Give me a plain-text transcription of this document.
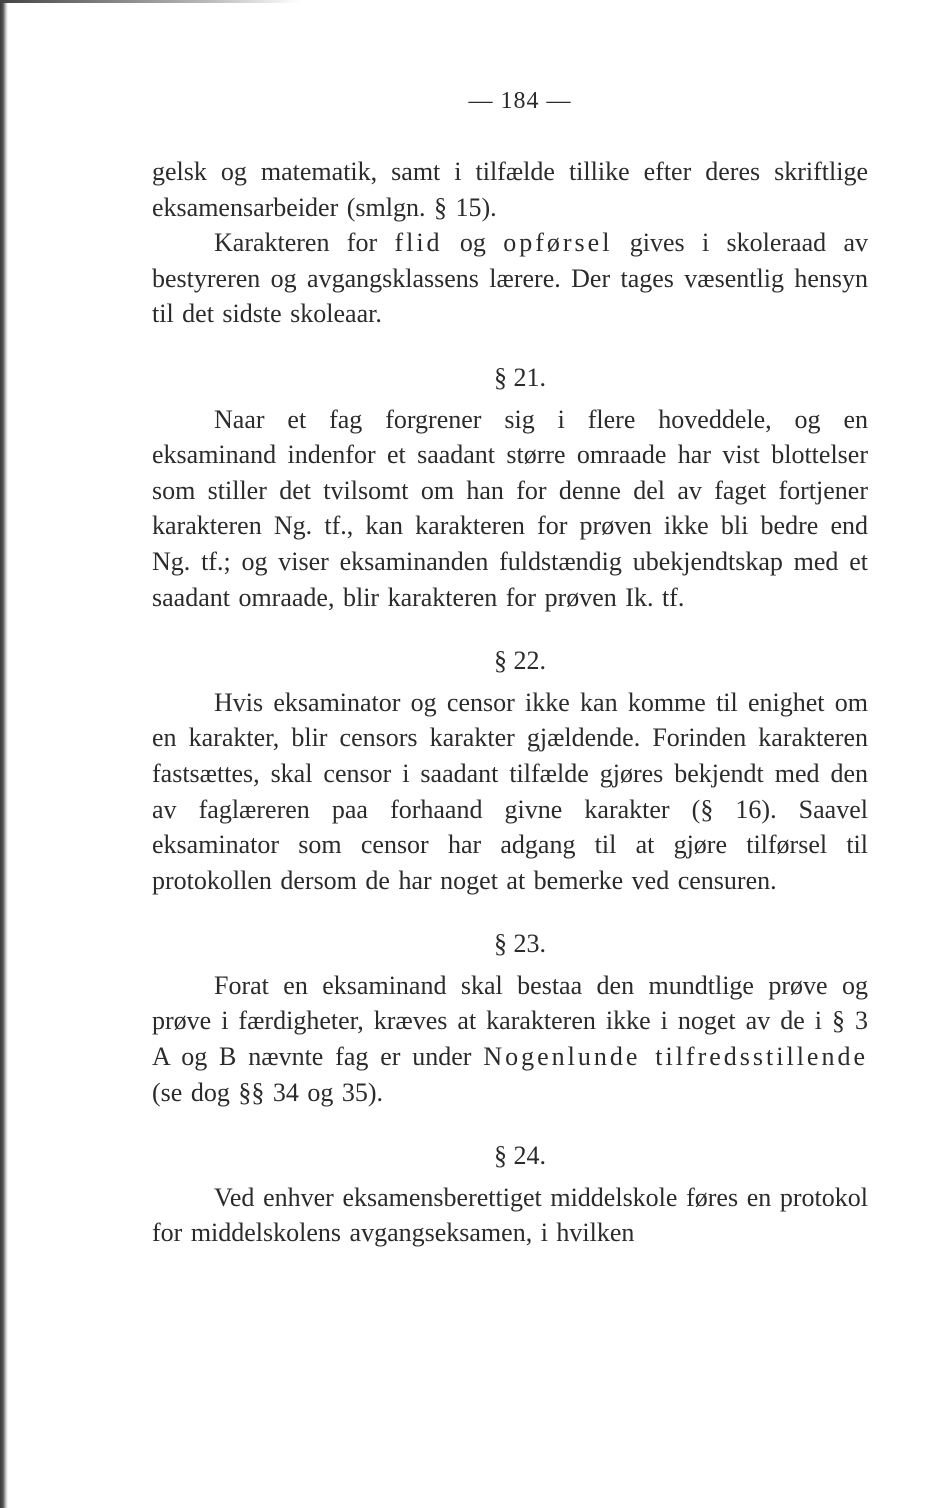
— 184 —

gelsk og matematik, samt i tilfælde tillike efter deres skriftlige eksamensarbeider (smlgn. § 15).

Karakteren for flid og opførsel gives i skoleraad av bestyreren og avgangsklassens lærere. Der tages væsentlig hensyn til det sidste skoleaar.

§ 21.

Naar et fag forgrener sig i flere hoveddele, og en eksaminand indenfor et saadant større omraade har vist blottelser som stiller det tvilsomt om han for denne del av faget fortjener karakteren Ng. tf., kan karakteren for prøven ikke bli bedre end Ng. tf.; og viser eksaminanden fuldstændig ubekjendtskap med et saadant omraade, blir karakteren for prøven Ik. tf.

§ 22.

Hvis eksaminator og censor ikke kan komme til enighet om en karakter, blir censors karakter gjældende. Forinden karakteren fastsættes, skal censor i saadant tilfælde gjøres bekjendt med den av faglæreren paa forhaand givne karakter (§ 16). Saavel eksaminator som censor har adgang til at gjøre tilførsel til protokollen dersom de har noget at bemerke ved censuren.

§ 23.

Forat en eksaminand skal bestaa den mundtlige prøve og prøve i færdigheter, kræves at karakteren ikke i noget av de i § 3 A og B nævnte fag er under Nogenlunde tilfredsstillende (se dog §§ 34 og 35).

§ 24.

Ved enhver eksamensberettiget middelskole føres en protokol for middelskolens avgangseksamen, i hvilken
